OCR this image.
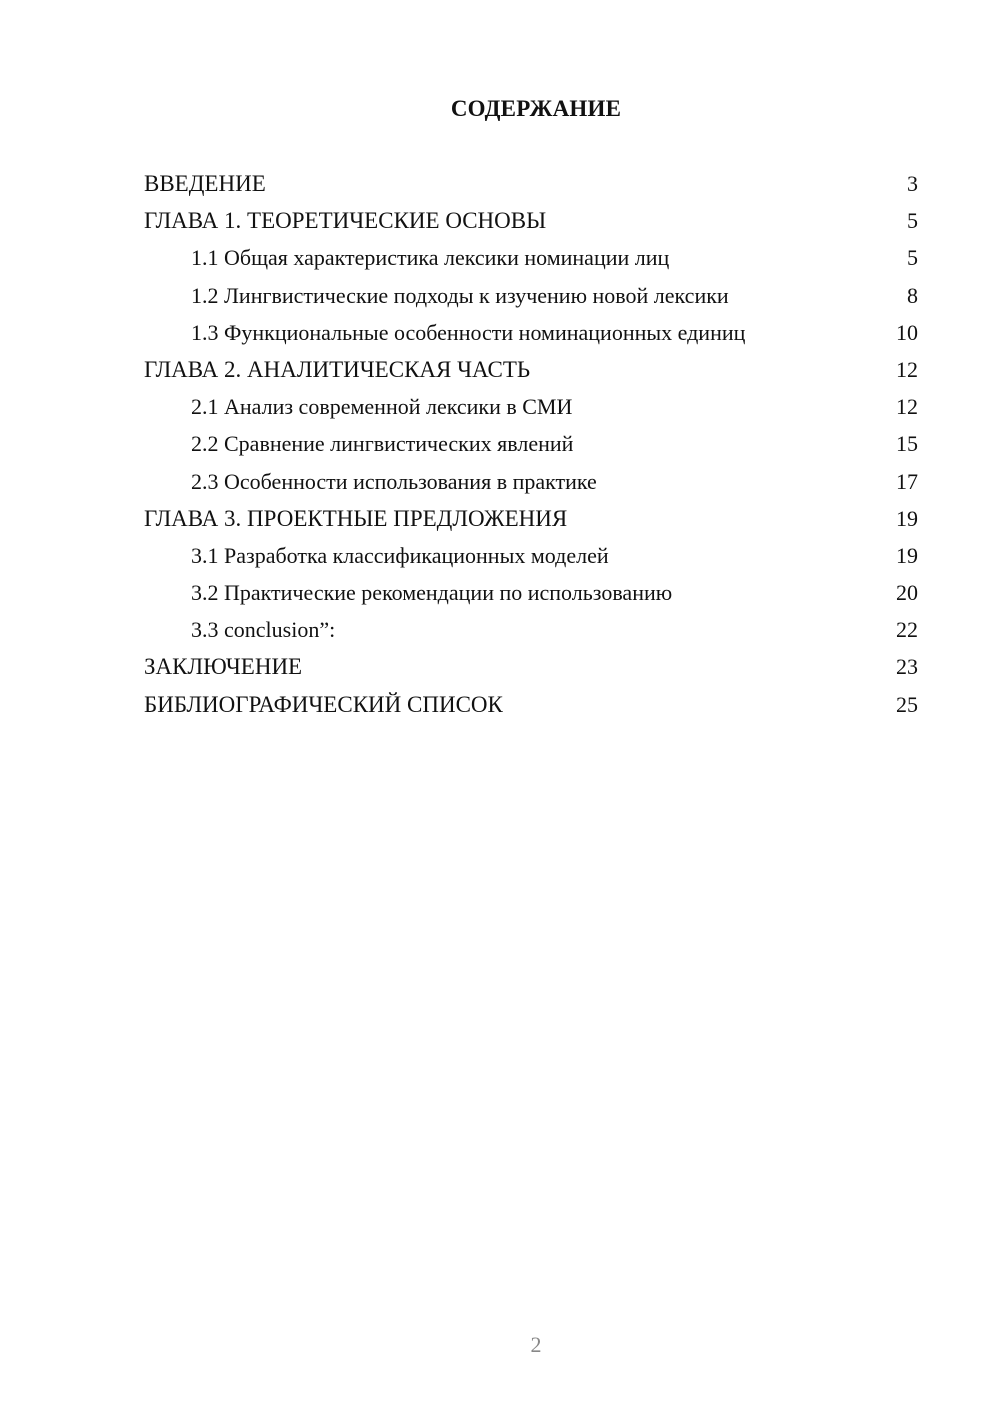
СОДЕРЖАНИЕ
ВВЕДЕНИЕ	3
ГЛАВА 1. ТЕОРЕТИЧЕСКИЕ ОСНОВЫ	5
1.1 Общая характеристика лексики номинации лиц	5
1.2 Лингвистические подходы к изучению новой лексики	8
1.3 Функциональные особенности номинационных единиц	10
ГЛАВА 2. АНАЛИТИЧЕСКАЯ ЧАСТЬ	12
2.1 Анализ современной лексики в СМИ	12
2.2 Сравнение лингвистических явлений	15
2.3 Особенности использования в практике	17
ГЛАВА 3. ПРОЕКТНЫЕ ПРЕДЛОЖЕНИЯ	19
3.1 Разработка классификационных моделей	19
3.2 Практические рекомендации по использованию	20
3.3 conclusion”:	22
ЗАКЛЮЧЕНИЕ	23
БИБЛИОГРАФИЧЕСКИЙ СПИСОК	25
2
